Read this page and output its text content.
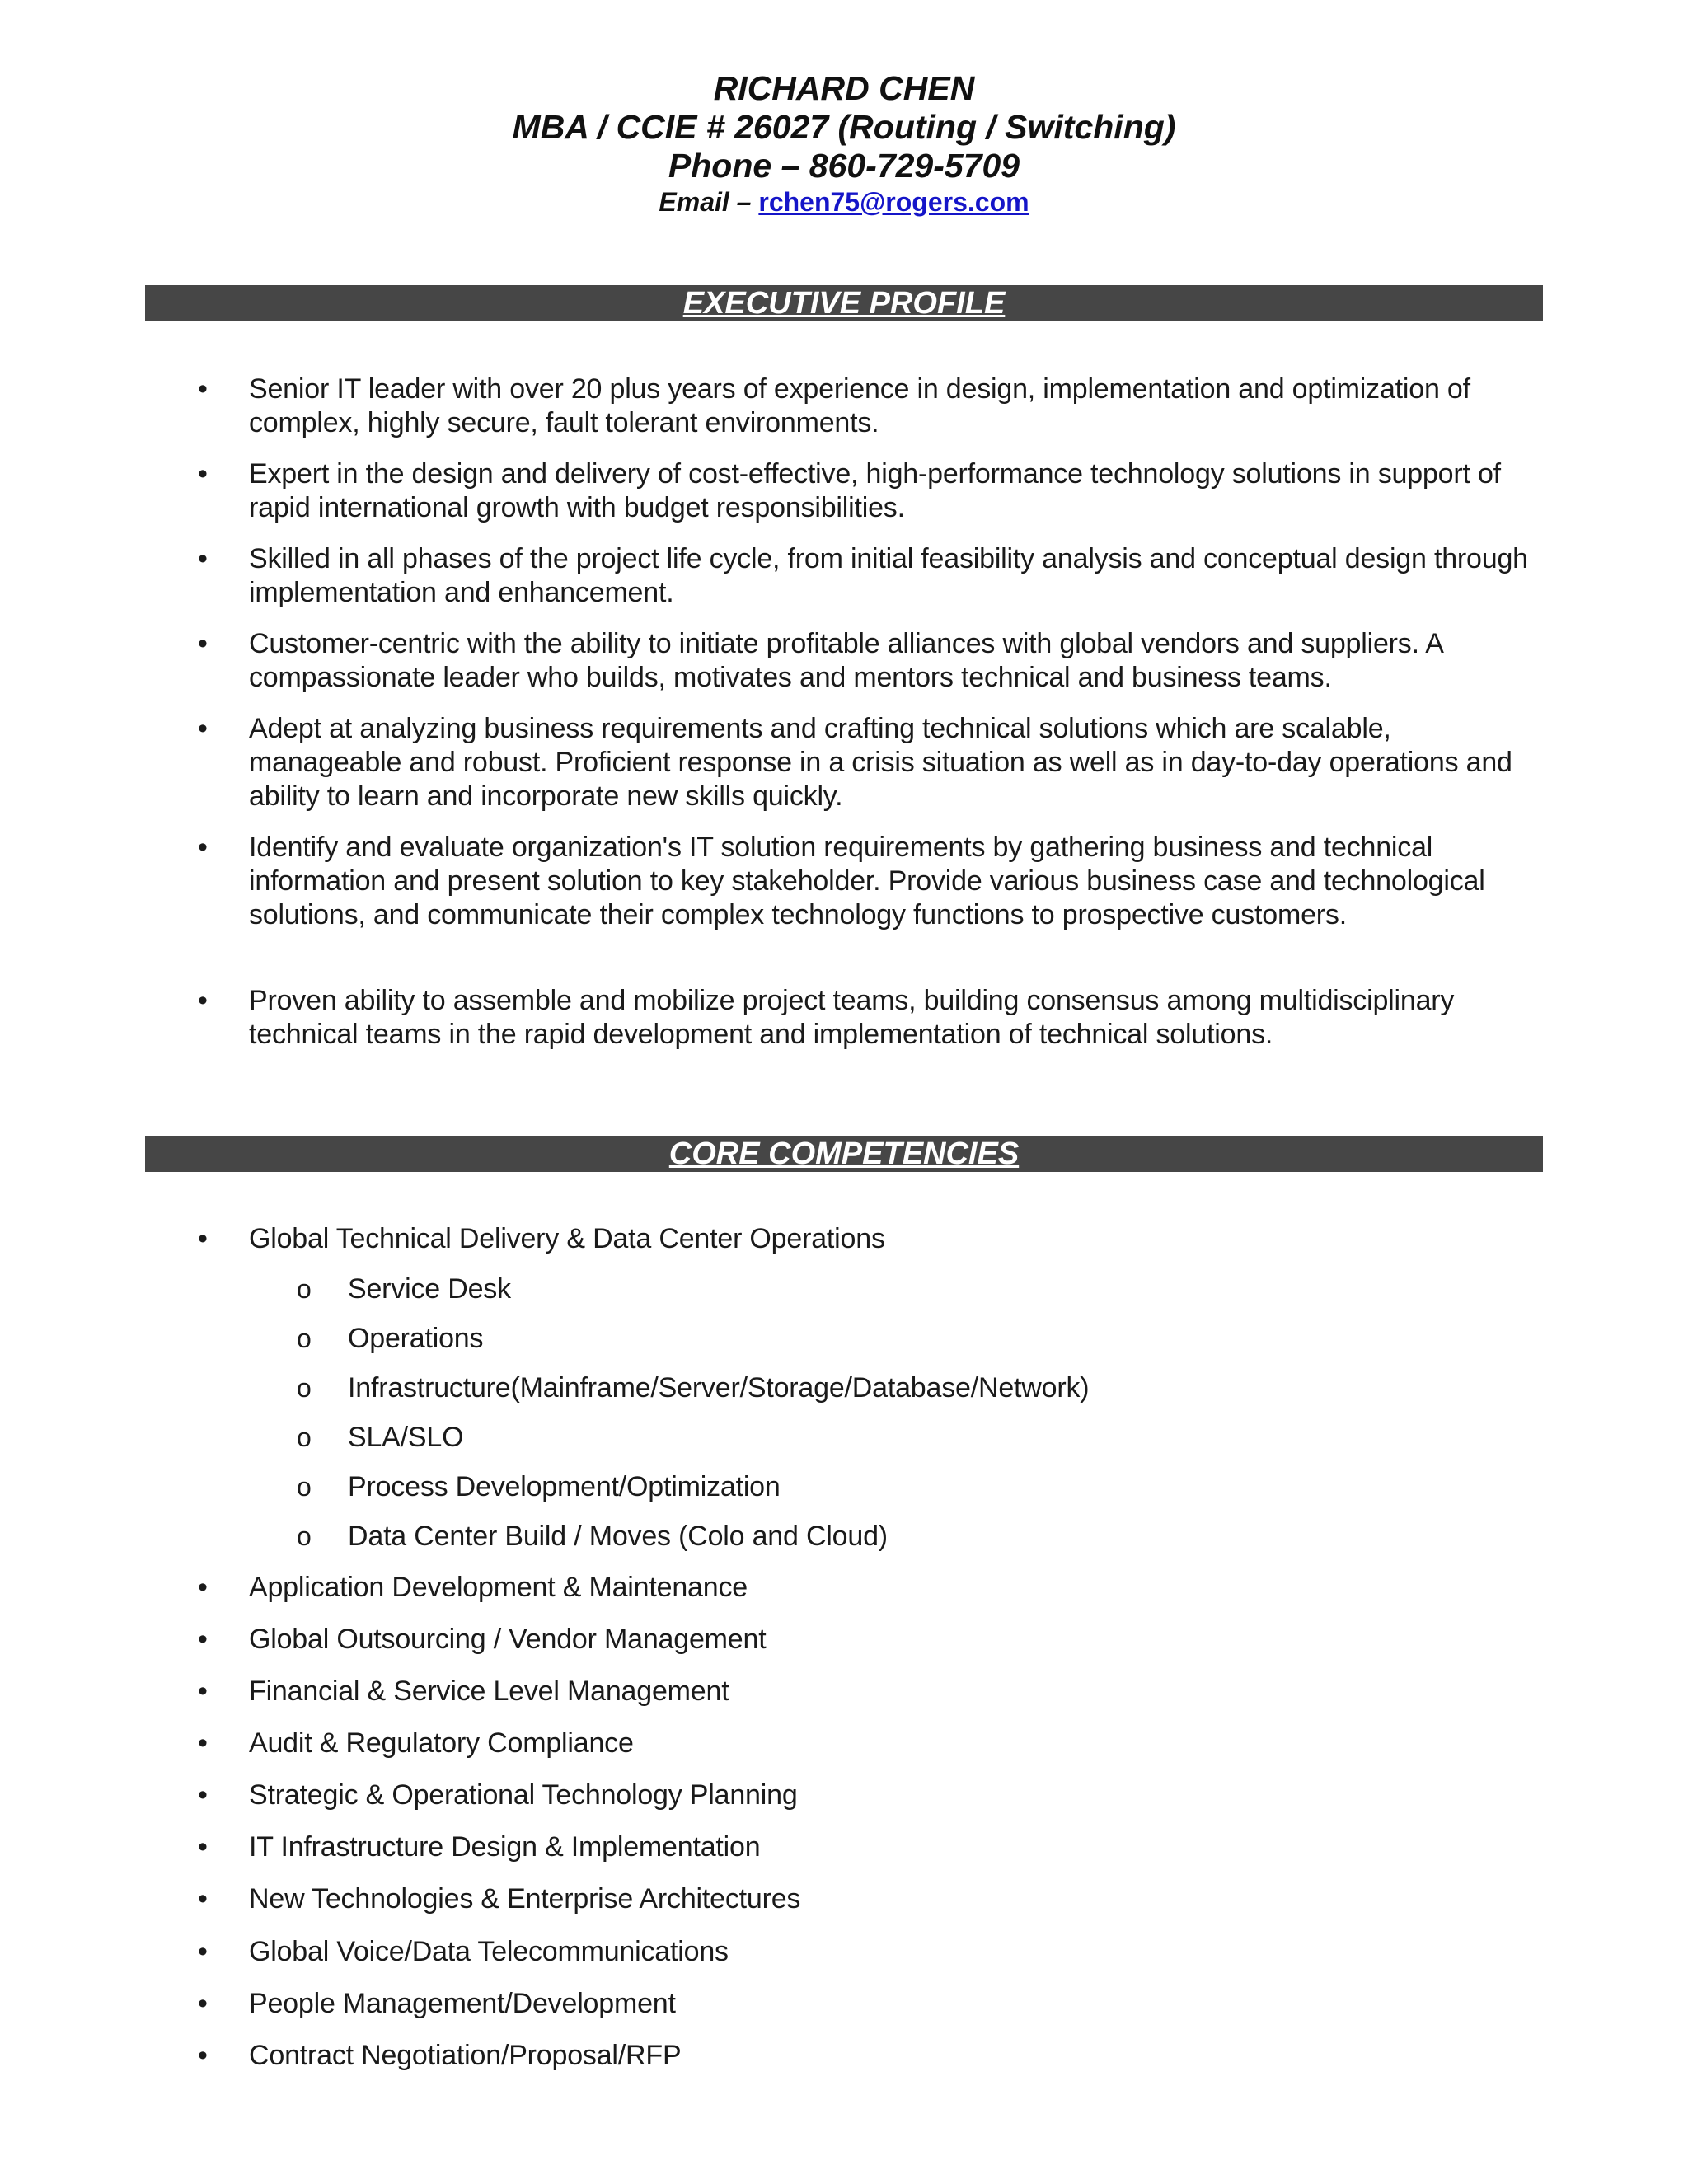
RICHARD CHEN
MBA / CCIE # 26027 (Routing / Switching)
Phone – 860-729-5709
Email – rchen75@rogers.com
EXECUTIVE PROFILE
• Senior IT leader with over 20 plus years of experience in design, implementation and optimization of complex, highly secure, fault tolerant environments.
• Expert in the design and delivery of cost-effective, high-performance technology solutions in support of rapid international growth with budget responsibilities.
• Skilled in all phases of the project life cycle, from initial feasibility analysis and conceptual design through implementation and enhancement.
• Customer-centric with the ability to initiate profitable alliances with global vendors and suppliers. A compassionate leader who builds, motivates and mentors technical and business teams.
• Adept at analyzing business requirements and crafting technical solutions which are scalable, manageable and robust. Proficient response in a crisis situation as well as in day-to-day operations and ability to learn and incorporate new skills quickly.
• Identify and evaluate organization's IT solution requirements by gathering business and technical information and present solution to key stakeholder. Provide various business case and technological solutions, and communicate their complex technology functions to prospective customers.
• Proven ability to assemble and mobilize project teams, building consensus among multidisciplinary technical teams in the rapid development and implementation of technical solutions.
CORE COMPETENCIES
• Global Technical Delivery & Data Center Operations
o Service Desk
o Operations
o Infrastructure(Mainframe/Server/Storage/Database/Network)
o SLA/SLO
o Process Development/Optimization
o Data Center Build / Moves (Colo and Cloud)
• Application Development & Maintenance
• Global Outsourcing / Vendor Management
• Financial & Service Level Management
• Audit & Regulatory Compliance
• Strategic & Operational Technology Planning
• IT Infrastructure Design & Implementation
• New Technologies & Enterprise Architectures
• Global Voice/Data Telecommunications
• People Management/Development
• Contract Negotiation/Proposal/RFP
